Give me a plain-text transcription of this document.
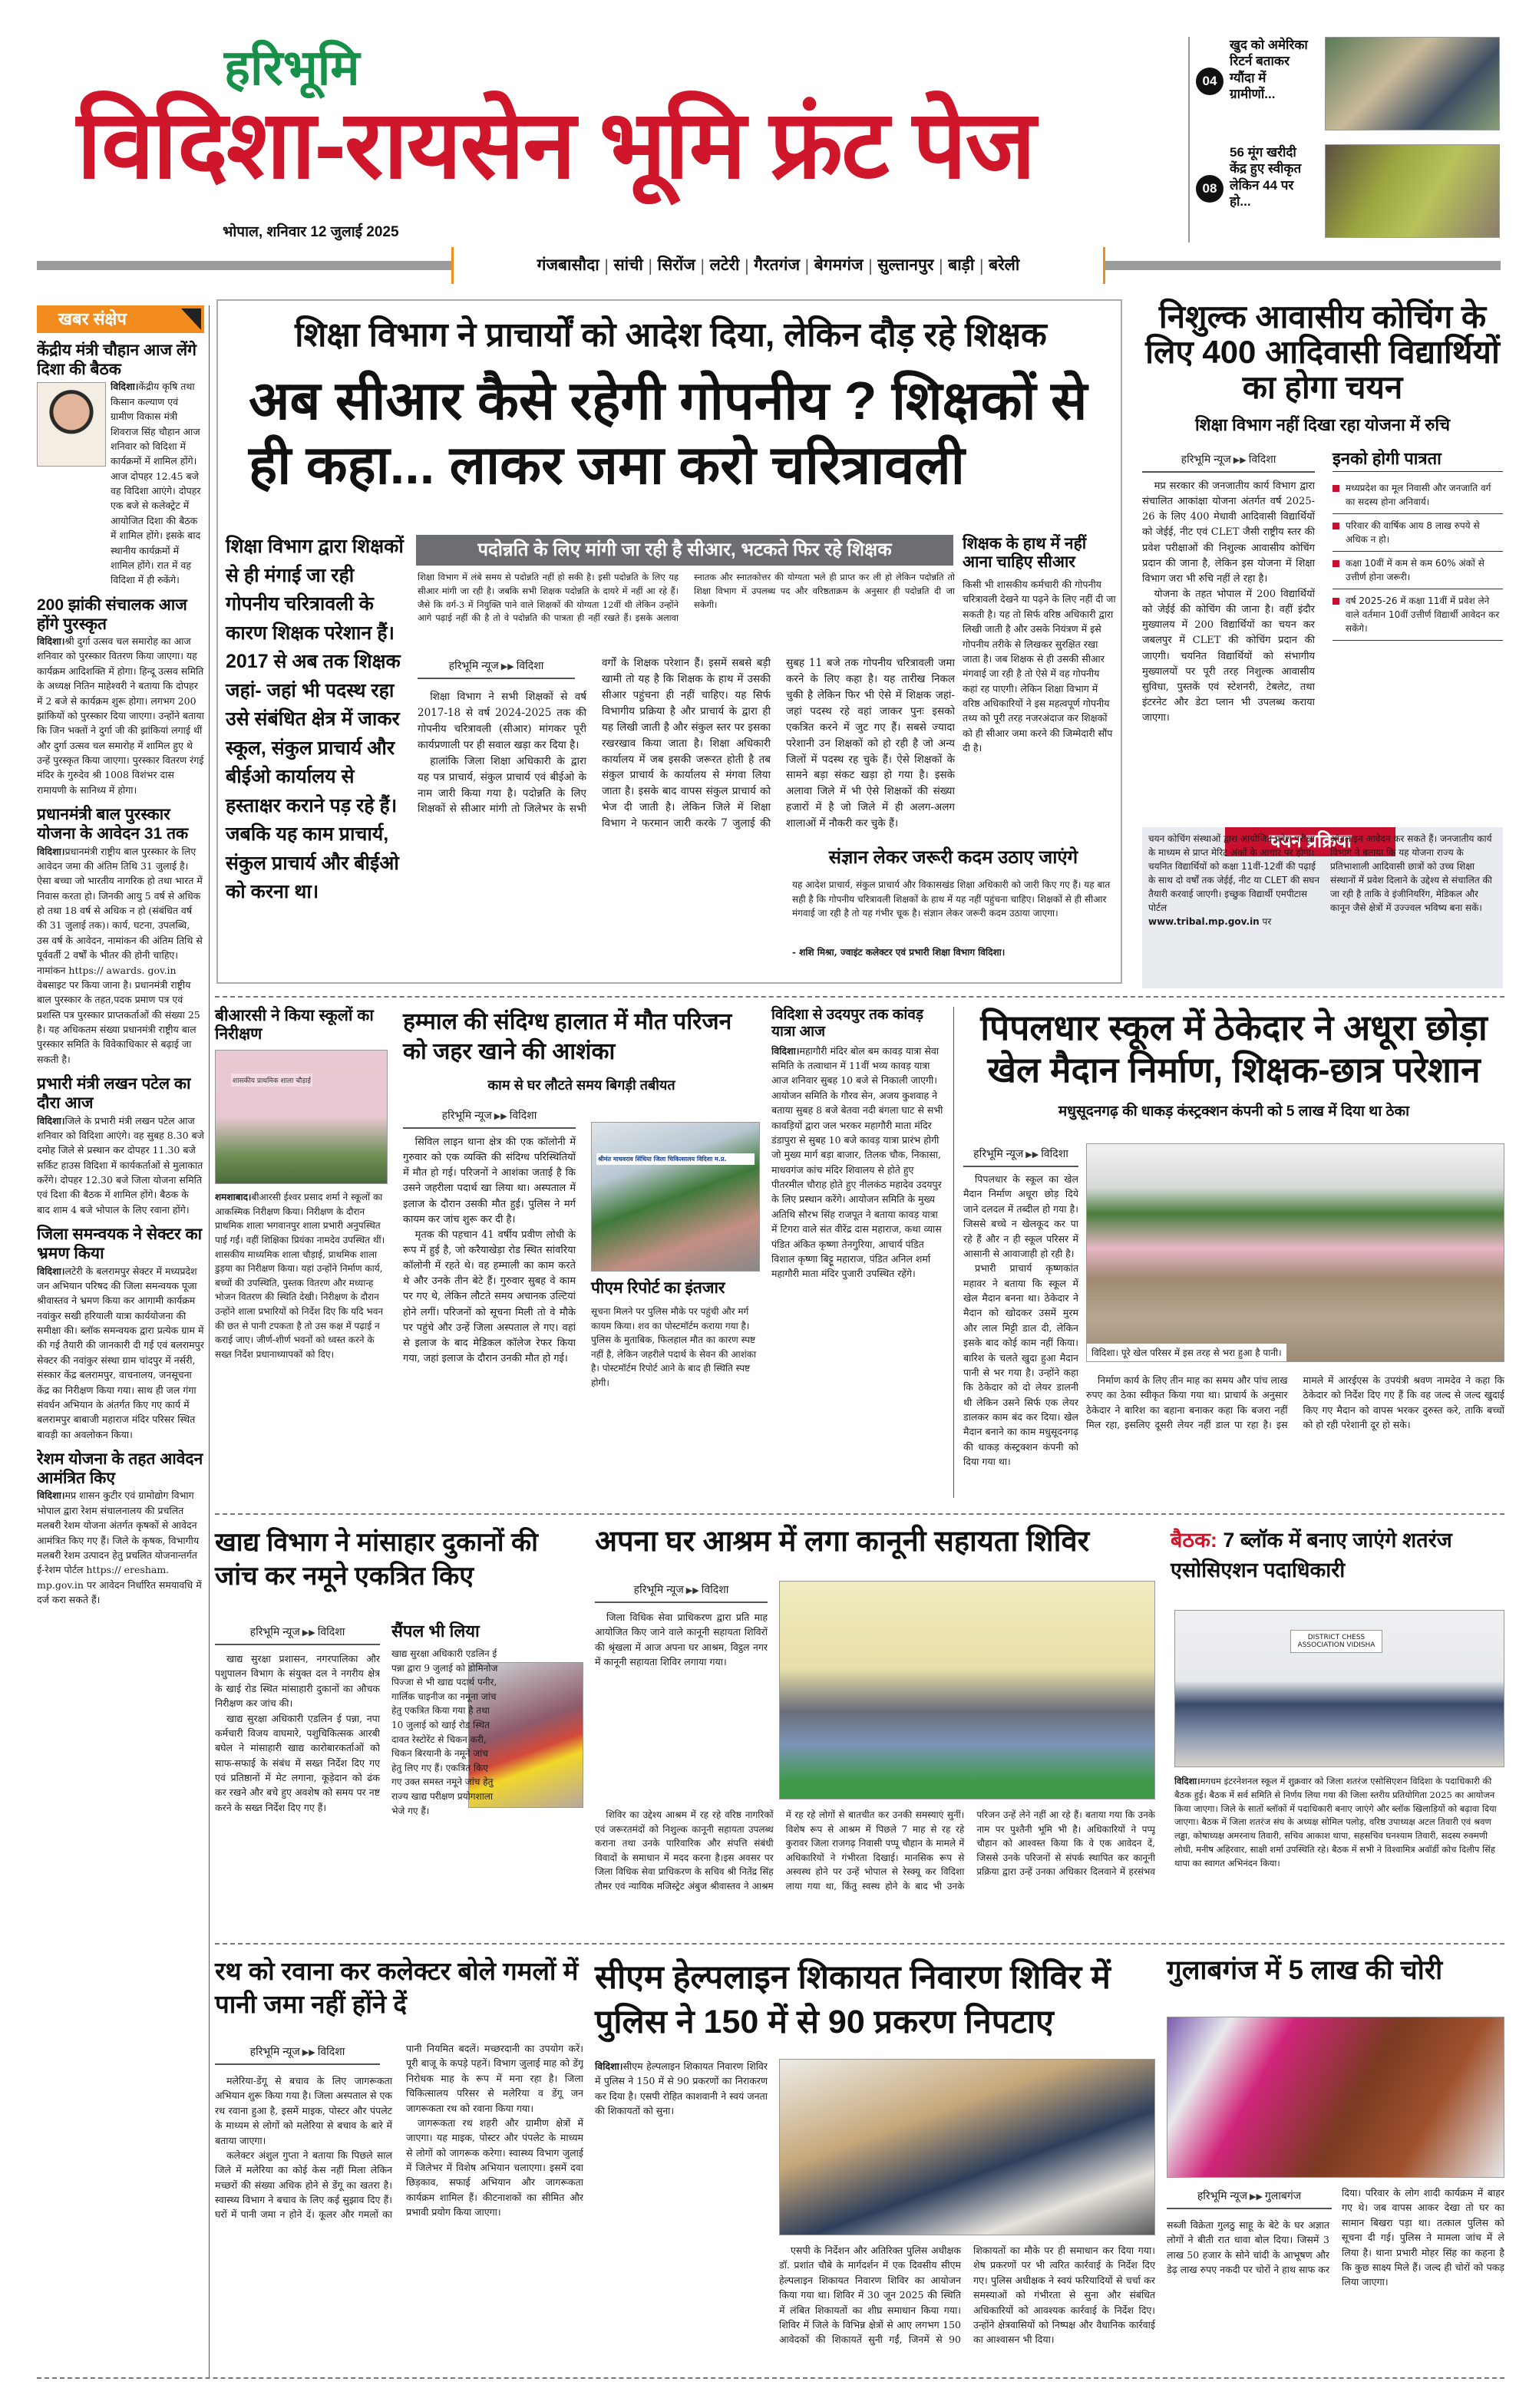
हरिभूमि
विदिशा-रायसेन भूमि फ्रंट पेज
भोपाल, शनिवार 12 जुलाई 2025
04
खुद को अमेरिका रिटर्न बताकर ग्यौंदा में ग्रामीणों...
08
56 मूंग खरीदी केंद्र हुए स्वीकृत लेकिन 44 पर हो...
गंजबासौदा | सांची | सिरोंज | लटेरी | गैरतगंज | बेगमगंज | सुल्तानपुर | बाड़ी | बरेली
खबर संक्षेप
केंद्रीय मंत्री चौहान आज लेंगे दिशा की बैठक
विदिशा।केंद्रीय कृषि तथा किसान कल्याण एवं ग्रामीण विकास मंत्री शिवराज सिंह चौहान आज शनिवार को विदिशा में कार्यक्रमों में शामिल होंगे। आज दोपहर 12.45 बजे वह विदिशा आएंगे। दोपहर एक बजे से कलेक्ट्रेट में आयोजित दिशा की बैठक में शामिल होंगे। इसके बाद स्थानीय कार्यक्रमों में शामिल होंगे। रात में वह विदिशा में ही रुकेंगे।
200 झांकी संचालक आज होंगे पुरस्कृत
विदिशा।श्री दुर्गा उत्सव चल समारोह का आज शनिवार को पुरस्कार वितरण किया जाएगा। यह कार्यक्रम आदिशक्ति में होगा। हिन्दू उत्सव समिति के अध्यक्ष नितिन माहेश्वरी ने बताया कि दोपहर में 2 बजे से कार्यक्रम शुरू होगा। लगभग 200 झांकियों को पुरस्कार दिया जाएगा। उन्होंने बताया कि जिन भक्तों ने दुर्गा जी की झांकियां लगाई थीं और दुर्गा उत्सव चल समारोह में शामिल हुए थे उन्हें पुरस्कृत किया जाएगा। पुरस्कार वितरण रंगई मंदिर के गुरुदेव श्री 1008 विशंभर दास रामायणी के सानिध्य में होगा।
प्रधानमंत्री बाल पुरस्कार योजना के आवेदन 31 तक
विदिशा।प्रधानमंत्री राष्ट्रीय बाल पुरस्कार के लिए आवेदन जमा की अंतिम तिथि 31 जुलाई है। ऐसा बच्चा जो भारतीय नागरिक हो तथा भारत में निवास करता हो। जिनकी आयु 5 वर्ष से अधिक हो तथा 18 वर्ष से अधिक न हो (संबंधित वर्ष की 31 जुलाई तक)। कार्य, घटना, उपलब्धि, उस वर्ष के आवेदन, नामांकन की अंतिम तिथि से पूर्ववर्ती 2 वर्षों के भीतर की होनी चाहिए। नामांकन https:// awards. gov.in वेबसाइट पर किया जाना है। प्रधानमंत्री राष्ट्रीय बाल पुरस्कार के तहत,पदक प्रमाण पत्र एवं प्रशस्ति पत्र पुरस्कार प्राप्तकर्ताओं की संख्या 25 है। यह अधिकतम संख्या प्रधानमंत्री राष्ट्रीय बाल पुरस्कार समिति के विवेकाधिकार से बढ़ाई जा सकती है।
प्रभारी मंत्री लखन पटेल का दौरा आज
विदिशा।जिले के प्रभारी मंत्री लखन पटेल आज शनिवार को विदिशा आएंगे। वह सुबह 8.30 बजे दमोह जिले से प्रस्थान कर दोपहर 11.30 बजे सर्किट हाउस विदिशा में कार्यकर्ताओं से मुलाकात करेंगे। दोपहर 12.30 बजे जिला योजना समिति एवं दिशा की बैठक में शामिल होंगे। बैठक के बाद शाम 4 बजे भोपाल के लिए रवाना होंगे।
जिला समन्वयक ने सेक्टर का भ्रमण किया
विदिशा।लटेरी के बलरामपुर सेक्टर में मध्यप्रदेश जन अभियान परिषद की जिला समन्वयक पूजा श्रीवास्तव ने भ्रमण किया कर आगामी कार्यक्रम नवांकुर सखी हरियाली यात्रा कार्ययोजना की समीक्षा की। ब्लॉक समन्वयक द्वारा प्रत्येक ग्राम में की गई तैयारी की जानकारी दी गई एवं बलरामपुर सेक्टर की नवांकुर संस्था ग्राम चांदपुर में नर्सरी, संस्कार केंद्र बलरामपुर, वाचनालय, जनसूचना केंद्र का निरीक्षण किया गया। साथ ही जल गंगा संवर्धन अभियान के अंतर्गत किए गए कार्य में बलरामपुर बाबाजी महाराज मंदिर परिसर स्थित बावड़ी का अवलोकन किया।
रेशम योजना के तहत आवेदन आमंत्रित किए
विदिशा।मप्र शासन कुटीर एवं ग्रामोद्योग विभाग भोपाल द्वारा रेशम संचालनालय की प्रचलित मलबरी रेशम योजना अंतर्गत कृषकों से आवेदन आमंत्रित किए गए हैं। जिले के कृषक, विभागीय मलबरी रेशम उत्पादन हेतु प्रचलित योजनान्तर्गत ई-रेशम पोर्टल https:// eresham. mp.gov.in पर आवेदन निर्धारित समयावधि में दर्ज करा सकते हैं।
शिक्षा विभाग ने प्राचार्यों को आदेश दिया, लेकिन दौड़ रहे शिक्षक
अब सीआर कैसे रहेगी गोपनीय ? शिक्षकों से ही कहा... लाकर जमा करो चरित्रावली
शिक्षा विभाग द्वारा शिक्षकों से ही मंगाई जा रही गोपनीय चरित्रावली के कारण शिक्षक परेशान हैं। 2017 से अब तक शिक्षक जहां- जहां भी पदस्थ रहा उसे संबंधित क्षेत्र में जाकर स्कूल, संकुल प्राचार्य और बीईओ कार्यालय से हस्ताक्षर कराने पड़ रहे हैं। जबकि यह काम प्राचार्य, संकुल प्राचार्य और बीईओ को करना था।
पदोन्नति के लिए मांगी जा रही है सीआर, भटकते फिर रहे शिक्षक
शिक्षा विभाग में लंबे समय से पदोन्नति नहीं हो सकी है। इसी पदोन्नति के लिए यह सीआर मांगी जा रही है। जबकि सभी शिक्षक पदोन्नति के दायरे में नहीं आ रहे हैं। जैसे कि वर्ग-3 में नियुक्ति पाने वाले शिक्षकों की योग्यता 12वीं थी लेकिन उन्होंने आगे पढ़ाई नहीं की है तो वे पदोन्नति की पात्रता ही नहीं रखते हैं। इसके अलावा स्नातक और स्नातकोत्तर की योग्यता भले ही प्राप्त कर ली हो लेकिन पदोन्नति तो शिक्षा विभाग में उपलब्ध पद और वरिष्ठताक्रम के अनुसार ही पदोन्नति दी जा सकेगी।
हरिभूमि न्यूज ▶▶ विदिशा

शिक्षा विभाग ने सभी शिक्षकों से वर्ष 2017-18 से वर्ष 2024-2025 तक की गोपनीय चरित्रावली (सीआर) मांगकर पूरी कार्यप्रणाली पर ही सवाल खड़ा कर दिया है।

हालांकि जिला शिक्षा अधिकारी के द्वारा यह पत्र प्राचार्य, संकुल प्राचार्य एवं बीईओ के नाम जारी किया गया है। पदोन्नति के लिए शिक्षकों से सीआर मांगी तो जिलेभर के सभी वर्गों के शिक्षक परेशान हैं। इसमें सबसे बड़ी खामी तो यह है कि शिक्षक के हाथ में उसकी सीआर पहुंचना ही नहीं चाहिए। यह सिर्फ विभागीय प्रक्रिया है और प्राचार्य के द्वारा ही यह लिखी जाती है और संकुल स्तर पर इसका रखरखाव किया जाता है। शिक्षा अधिकारी कार्यालय में जब इसकी जरूरत होती है तब संकुल प्राचार्य के कार्यालय से मंगवा लिया जाता है। इसके बाद वापस संकुल प्राचार्य को भेज दी जाती है। लेकिन जिले में शिक्षा विभाग ने फरमान जारी करके 7 जुलाई की सुबह 11 बजे तक गोपनीय चरित्रावली जमा करने के लिए कहा है। यह तारीख निकल चुकी है लेकिन फिर भी ऐसे में शिक्षक जहां-जहां पदस्थ रहे वहां जाकर पुनः इसको एकत्रित करने में जुट गए हैं। सबसे ज्यादा परेशानी उन शिक्षकों को हो रही है जो अन्य जिलों में पदस्थ रह चुके हैं। ऐसे शिक्षकों के सामने बड़ा संकट खड़ा हो गया है। इसके अलावा जिले में भी ऐसे शिक्षकों की संख्या हजारों में है जो जिले में ही अलग-अलग शालाओं में नौकरी कर चुके हैं।

शिक्षक के हाथ में नहीं आना चाहिए सीआर
किसी भी शासकीय कर्मचारी की गोपनीय चरित्रावली देखने या पढ़ने के लिए नहीं दी जा सकती है। यह तो सिर्फ वरिष्ठ अधिकारी द्वारा लिखी जाती है और उसके नियंत्रण में इसे गोपनीय तरीके से लिखकर सुरक्षित रखा जाता है। जब शिक्षक से ही उसकी सीआर मंगवाई जा रही है तो ऐसे में वह गोपनीय कहां रह पाएगी। लेकिन शिक्षा विभाग में वरिष्ठ अधिकारियों ने इस महत्वपूर्ण गोपनीय तथ्य को पूरी तरह नजरअंदाज कर शिक्षकों को ही सीआर जमा करने की जिम्मेदारी सौंप दी है।
संज्ञान लेकर जरूरी कदम उठाए जाएंगे
यह आदेश प्राचार्य, संकुल प्राचार्य और विकासखंड शिक्षा अधिकारी को जारी किए गए हैं। यह बात सही है कि गोपनीय चरित्रावली शिक्षकों के हाथ में यह नहीं पहुंचना चाहिए। शिक्षकों से ही सीआर मंगवाई जा रही है तो यह गंभीर चूक है। संज्ञान लेकर जरूरी कदम उठाया जाएगा।
- शशि मिश्रा, ज्वाइंट कलेक्टर एवं प्रभारी शिक्षा विभाग विदिशा।
निशुल्क आवासीय कोचिंग के लिए 400 आदिवासी विद्यार्थियों का होगा चयन
शिक्षा विभाग नहीं दिखा रहा योजना में रुचि
हरिभूमि न्यूज ▶▶ विदिशा

मप्र सरकार की जनजातीय कार्य विभाग द्वारा संचालित आकांक्षा योजना अंतर्गत वर्ष 2025-26 के लिए 400 मेधावी आदिवासी विद्यार्थियों को जेईई, नीट एवं CLET जैसी राष्ट्रीय स्तर की प्रवेश परीक्षाओं की निशुल्क आवासीय कोचिंग प्रदान की जाना है, लेकिन इस योजना में शिक्षा विभाग जरा भी रुचि नहीं ले रहा है।

योजना के तहत भोपाल में 200 विद्यार्थियों को जेईई की कोचिंग की जाना है। वहीं इंदौर मुख्यालय में 200 विद्यार्थियों का चयन कर जबलपुर में CLET की कोचिंग प्रदान की जाएगी। चयनित विद्यार्थियों को संभागीय मुख्यालयों पर पूरी तरह निशुल्क आवासीय सुविधा, पुस्तकें एवं स्टेशनरी, टेबलेट, तथा इंटरनेट और डेटा प्लान भी उपलब्ध कराया जाएगा।

इनको होगी पात्रता
मध्यप्रदेश का मूल निवासी और जनजाति वर्ग का सदस्य होना अनिवार्य।
परिवार की वार्षिक आय 8 लाख रुपये से अधिक न हो।
कक्षा 10वीं में कम से कम 60% अंकों से उत्तीर्ण होना जरूरी।
वर्ष 2025-26 में कक्षा 11वीं में प्रवेश लेने वाले वर्तमान 10वीं उत्तीर्ण विद्यार्थी आवेदन कर सकेंगे।
चयन प्रक्रिया
चयन कोचिंग संस्थाओं द्वारा आयोजित प्रवेश परीक्षा के माध्यम से प्राप्त मेरिट अंकों के आधार पर होगा। चयनित विद्यार्थियों को कक्षा 11वीं-12वीं की पढ़ाई के साथ दो वर्षों तक जेईई, नीट या CLET की सघन तैयारी करवाई जाएगी। इच्छुक विद्यार्थी एमपीटास पोर्टल
www.tribal.mp.gov.in पर
ऑनलाइन आवेदन कर सकते हैं। जनजातीय कार्य विभाग ने बताया कि यह योजना राज्य के प्रतिभाशाली आदिवासी छात्रों को उच्च शिक्षा संस्थानों में प्रवेश दिलाने के उद्देश्य से संचालित की जा रही है ताकि वे इंजीनियरिंग, मेडिकल और कानून जैसे क्षेत्रों में उज्ज्वल भविष्य बना सकें।
बीआरसी ने किया स्कूलों का निरीक्षण
शासकीय प्राथमिक शाला चौड़ाई
शमशाबाद।बीआरसी ईश्वर प्रसाद शर्मा ने स्कूलों का आकस्मिक निरीक्षण किया। निरीक्षण के दौरान प्राथमिक शाला भगवानपुर शाला प्रभारी अनुपस्थित पाई गईं। वहीं शिक्षिका प्रियंका नामदेव उपस्थित थीं। शासकीय माध्यमिक शाला चौड़ाई, प्राथमिक शाला डुड़या का निरीक्षण किया। यहां उन्होंने निर्माण कार्य, बच्चों की उपस्थिति, पुस्तक वितरण और मध्यान्ह भोजन वितरण की स्थिति देखी। निरीक्षण के दौरान उन्होंने शाला प्रभारियों को निर्देश दिए कि यदि भवन की छत से पानी टपकता है तो उस कक्ष में पढ़ाई न कराई जाए। जीर्ण-शीर्ण भवनों को ध्वस्त करने के सख्त निर्देश प्रधानाध्यापकों को दिए।
हम्माल की संदिग्ध हालात में मौत परिजन को जहर खाने की आशंका
काम से घर लौटते समय बिगड़ी तबीयत
हरिभूमि न्यूज ▶▶ विदिशा

सिविल लाइन थाना क्षेत्र की एक कॉलोनी में गुरुवार को एक व्यक्ति की संदिग्ध परिस्थितियों में मौत हो गई। परिजनों ने आशंका जताई है कि उसने जहरीला पदार्थ खा लिया था। अस्पताल में इलाज के दौरान उसकी मौत हुई। पुलिस ने मर्ग कायम कर जांच शुरू कर दी है।

मृतक की पहचान 41 वर्षीय प्रवीण लोधी के रूप में हुई है, जो करैयाखेड़ा रोड स्थित सांवरिया कॉलोनी में रहते थे। वह हम्माली का काम करते थे और उनके तीन बेटे हैं। गुरुवार सुबह वे काम पर गए थे, लेकिन लौटते समय अचानक उल्टियां होने लगीं। परिजनों को सूचना मिली तो वे मौके पर पहुंचे और उन्हें जिला अस्पताल ले गए। वहां से इलाज के बाद मेडिकल कॉलेज रेफर किया गया, जहां इलाज के दौरान उनकी मौत हो गई।

श्रीमंत माधवराव सिंधिया जिला चिकित्सालय विदिशा म.प्र.
पीएम रिपोर्ट का इंतजार
सूचना मिलने पर पुलिस मौके पर पहुंची और मर्ग कायम किया। शव का पोस्टमॉर्टम कराया गया है। पुलिस के मुताबिक, फिलहाल मौत का कारण स्पष्ट नहीं है, लेकिन जहरीले पदार्थ के सेवन की आशंका है। पोस्टमॉर्टम रिपोर्ट आने के बाद ही स्थिति स्पष्ट होगी।
विदिशा से उदयपुर तक कांवड़ यात्रा आज
विदिशा।महागौरी मंदिर बोल बम कावड़ यात्रा सेवा समिति के तत्वाधान में 11वीं भव्य कावड़ यात्रा आज शनिवार सुबह 10 बजे से निकाली जाएगी। आयोजन समिति के गौरव सेन, अजय कुशवाह ने बताया सुबह 8 बजे बेतवा नदी बंगला घाट से सभी कावड़ियों द्वारा जल भरकर महागौरी माता मंदिर डंडापुरा से सुबह 10 बजे कावड़ यात्रा प्रारंभ होगी जो मुख्य मार्ग बड़ा बाजार, तिलक चौक, निकासा, माधवगंज कांच मंदिर शिवालय से होते हुए पीतरमील चौराह होते हुए नीलकंठ महादेव उदयपुर के लिए प्रस्थान करेंगे। आयोजन समिति के मुख्य अतिथि सौरभ सिंह राजपूत ने बताया कावड़ यात्रा में टिगरा वाले संत वीरेंद्र दास महाराज, कथा व्यास पंडित अंकित कृष्णा तेनगुरिया, आचार्य पंडित विशाल कृष्णा बिट्टू महाराज, पंडित अनिल शर्मा महागौरी माता मंदिर पुजारी उपस्थित रहेंगे।
पिपलधार स्कूल में ठेकेदार ने अधूरा छोड़ा खेल मैदान निर्माण, शिक्षक-छात्र परेशान
मधुसूदनगढ़ की धाकड़ कंस्ट्रक्शन कंपनी को 5 लाख में दिया था ठेका
विदिशा। पूरे खेल परिसर में इस तरह से भरा हुआ है पानी।
हरिभूमि न्यूज ▶▶ विदिशा

पिपलधार के स्कूल का खेल मैदान निर्माण अधूरा छोड़ दिये जाने दलदल में तब्दील हो गया है। जिससे बच्चे न खेलकूद कर पा रहे हैं और न ही स्कूल परिसर में आसानी से आवाजाही हो रही है।

प्रभारी प्राचार्य कृष्णकांत महावर ने बताया कि स्कूल में खेल मैदान बनना था। ठेकेदार ने मैदान को खोदकर उसमें मुरम और लाल मिट्टी डाल दी, लेकिन इसके बाद कोई काम नहीं किया। बारिश के चलते खुदा हुआ मैदान पानी से भर गया है। उन्होंने कहा कि ठेकेदार को दो लेयर डालनी थी लेकिन उसने सिर्फ एक लेयर डालकर काम बंद कर दिया। खेल मैदान बनाने का काम मधुसूदनगढ़ की धाकड़ कंस्ट्रक्शन कंपनी को दिया गया था।

निर्माण कार्य के लिए तीन माह का समय और पांच लाख रुपए का ठेका स्वीकृत किया गया था। प्राचार्य के अनुसार ठेकेदार ने बारिश का बहाना बनाकर कहा कि बजरा नहीं मिल रहा, इसलिए दूसरी लेयर नहीं डाल पा रहा है। इस मामले में आरईएस के उपयंत्री श्रवण नामदेव ने कहा कि ठेकेदार को निर्देश दिए गए हैं कि वह जल्द से जल्द खुदाई किए गए मैदान को वापस भरकर दुरुस्त करे, ताकि बच्चों को हो रही परेशानी दूर हो सके।

खाद्य विभाग ने मांसाहार दुकानों की जांच कर नमूने एकत्रित किए
हरिभूमि न्यूज ▶▶ विदिशा

खाद्य सुरक्षा प्रशासन, नगरपालिका और पशुपालन विभाग के संयुक्त दल ने नगरीय क्षेत्र के खाई रोड स्थित मांसाहारी दुकानों का औचक निरीक्षण कर जांच की।

खाद्य सुरक्षा अधिकारी एडलिन ई पन्ना, नपा कर्मचारी विजय वाघमारे, पशुचिकित्सक आरबी बघेल ने मांसाहारी खाद्य कारोबारकर्ताओं को साफ-सफाई के संबंध में सख्त निर्देश दिए गए एवं प्रतिष्ठानों में मेट लगाना, कूड़ेदान को ढंक कर रखने और बचे हुए अवशेष को समय पर नष्ट करने के सख्त निर्देश दिए गए हैं।

सैंपल भी लिया
खाद्य सुरक्षा अधिकारी एडलिन ई पन्ना द्वारा 9 जुलाई को डोमिनोज पिज्जा से भी खाद्य पदार्थ पनीर, गार्लिक चाइनीज का नमूना जांच हेतु एकत्रित किया गया है तथा 10 जुलाई को खाई रोड स्थित दावत रेस्टोरेंट से चिकन करी, चिकन बिरयानी के नमूने जांच हेतु लिए गए हैं। एकत्रित किए गए उक्त समस्त नमूने जांच हेतु राज्य खाद्य परीक्षण प्रयोगशाला भेजे गए हैं।
अपना घर आश्रम में लगा कानूनी सहायता शिविर
हरिभूमि न्यूज ▶▶ विदिशा

जिला विधिक सेवा प्राधिकरण द्वारा प्रति माह आयोजित किए जाने वाले कानूनी सहायता शिविरों की श्रृंखला में आज अपना घर आश्रम, विट्ठल नगर में कानूनी सहायता शिविर लगाया गया।

शिविर का उद्देश्य आश्रम में रह रहे वरिष्ठ नागरिकों एवं जरूरतमंदों को निशुल्क कानूनी सहायता उपलब्ध कराना तथा उनके पारिवारिक और संपत्ति संबंधी विवादों के समाधान में मदद करना है।इस अवसर पर जिला विधिक सेवा प्राधिकरण के सचिव श्री नितेंद्र सिंह तौमर एवं न्यायिक मजिस्ट्रेट अंबुज श्रीवास्तव ने आश्रम में रह रहे लोगों से बातचीत कर उनकी समस्याएं सुनीं। विशेष रूप से आश्रम में पिछले 7 माह से रह रहे कुरावर जिला राजगढ़ निवासी पप्पू चौहान के मामले में अधिकारियों ने गंभीरता दिखाई। मानसिक रूप से अस्वस्थ होने पर उन्हें भोपाल से रेस्क्यू कर विदिशा लाया गया था, किंतु स्वस्थ होने के बाद भी उनके परिजन उन्हें लेने नहीं आ रहे हैं। बताया गया कि उनके नाम पर पुश्तैनी भूमि भी है। अधिकारियों ने पप्पू चौहान को आश्वस्त किया कि वे एक आवेदन दें, जिससे उनके परिजनों से संपर्क स्थापित कर कानूनी प्रक्रिया द्वारा उन्हें उनका अधिकार दिलवाने में हरसंभव

बैठक: 7 ब्लॉक में बनाए जाएंगे शतरंज एसोसिएशन पदाधिकारी
DISTRICT CHESS ASSOCIATION VIDISHA
विदिशा।मगधम इंटरनेशनल स्कूल में शुक्रवार को जिला शतरंज एसोसिएशन विदिशा के पदाधिकारी की बैठक हुई। बैठक में सर्व समिति से निर्णय लिया गया की जिला स्तरीय प्रतियोगिता 2025 का आयोजन किया जाएगा। जिले के सातों ब्लॉकों में पदाधिकारी बनाए जाएंगे और ब्लॉक खिलाड़ियों को बढ़ावा दिया जाएगा। बैठक में जिला शतरंज संघ के अध्यक्ष सोमिल पलोड़, वरिष्ठ उपाध्यक्ष अटल तिवारी एवं श्रवण लड्ढा, कोषाध्यक्ष अमरनाथ तिवारी, सचिव आकाश थापा, सहसचिव घनश्याम तिवारी, सदस्य रुक्मणी लोधी, मनीष अहिरवार, साक्षी शर्मा उपस्थिति रहे। बैठक में सभी ने विश्वामित्र अवॉर्डी कोच दिलीप सिंह थापा का स्वागत अभिनंदन किया।
रथ को रवाना कर कलेक्टर बोले गमलों में पानी जमा नहीं होंने दें
हरिभूमि न्यूज ▶▶ विदिशा

मलेरिया-डेंगू से बचाव के लिए जागरूकता अभियान शुरू किया गया है। जिला अस्पताल से एक रथ रवाना हुआ है, इसमें माइक, पोस्टर और पंपलेट के माध्यम से लोगों को मलेरिया से बचाव के बारे में बताया जाएगा।

कलेक्टर अंशुल गुप्ता ने बताया कि पिछले साल जिले में मलेरिया का कोई केस नहीं मिला लेकिन मच्छरों की संख्या अधिक होने से डेंगू का खतरा है। स्वास्थ्य विभाग ने बचाव के लिए कई सुझाव दिए हैं। घरों में पानी जमा न होने दें। कूलर और गमलों का पानी नियमित बदलें। मच्छरदानी का उपयोग करें। पूरी बाजू के कपड़े पहनें। विभाग जुलाई माह को डेंगू निरोधक माह के रूप में मना रहा है। जिला चिकित्सालय परिसर से मलेरिया व डेंगू जन जागरूकता रथ को रवाना किया गया।

जागरूकता रथ शहरी और ग्रामीण क्षेत्रों में जाएगा। यह माइक, पोस्टर और पंपलेट के माध्यम से लोगों को जागरूक करेगा। स्वास्थ्य विभाग जुलाई में जिलेभर में विशेष अभियान चलाएगा। इसमें दवा छिड़काव, सफाई अभियान और जागरूकता कार्यक्रम शामिल हैं। कीटनाशकों का सीमित और प्रभावी प्रयोग किया जाएगा।

सीएम हेल्पलाइन शिकायत निवारण शिविर में पुलिस ने 150 में से 90 प्रकरण निपटाए

विदिशा।सीएम हेल्पलाइन शिकायत निवारण शिविर में पुलिस ने 150 में से 90 प्रकरणों का निराकरण कर दिया है। एसपी रोहित काशवानी ने स्वयं जनता की शिकायतों को सुना।

एसपी के निर्देशन और अतिरिक्त पुलिस अधीक्षक डॉ. प्रशांत चौबे के मार्गदर्शन में एक दिवसीय सीएम हेल्पलाइन शिकायत निवारण शिविर का आयोजन किया गया था। शिविर में 30 जून 2025 की स्थिति में लंबित शिकायतों का शीघ्र समाधान किया गया। शिविर में जिले के विभिन्न क्षेत्रों से आए लगभग 150 आवेदकों की शिकायतें सुनी गईं, जिनमें से 90 शिकायतों का मौके पर ही समाधान कर दिया गया। शेष प्रकरणों पर भी त्वरित कार्रवाई के निर्देश दिए गए। पुलिस अधीक्षक ने स्वयं फरियादियों से चर्चा कर समस्याओं को गंभीरता से सुना और संबंधित अधिकारियों को आवश्यक कार्रवाई के निर्देश दिए। उन्होंने क्षेत्रवासियों को निष्पक्ष और वैधानिक कार्रवाई का आश्वासन भी दिया।

गुलाबगंज में 5 लाख की चोरी
हरिभूमि न्यूज ▶▶ गुलाबगंज
सब्जी विक्रेता गुलठु साहू के बेटे के घर अज्ञात लोगों ने बीती रात धावा बोल दिया। जिसमें 3 लाख 50 हजार के सोने चांदी के आभूषण और डेढ़ लाख रुपए नकदी पर चोरों ने हाथ साफ कर दिया। परिवार के लोग शादी कार्यक्रम में बाहर गए थे। जब वापस आकर देखा तो घर का सामान बिखरा पड़ा था। तत्काल पुलिस को सूचना दी गई। पुलिस ने मामला जांच में ले लिया है। थाना प्रभारी मोहर सिंह का कहना है कि कुछ साक्ष्य मिले हैं। जल्द ही चोरों को पकड़ लिया जाएगा।
